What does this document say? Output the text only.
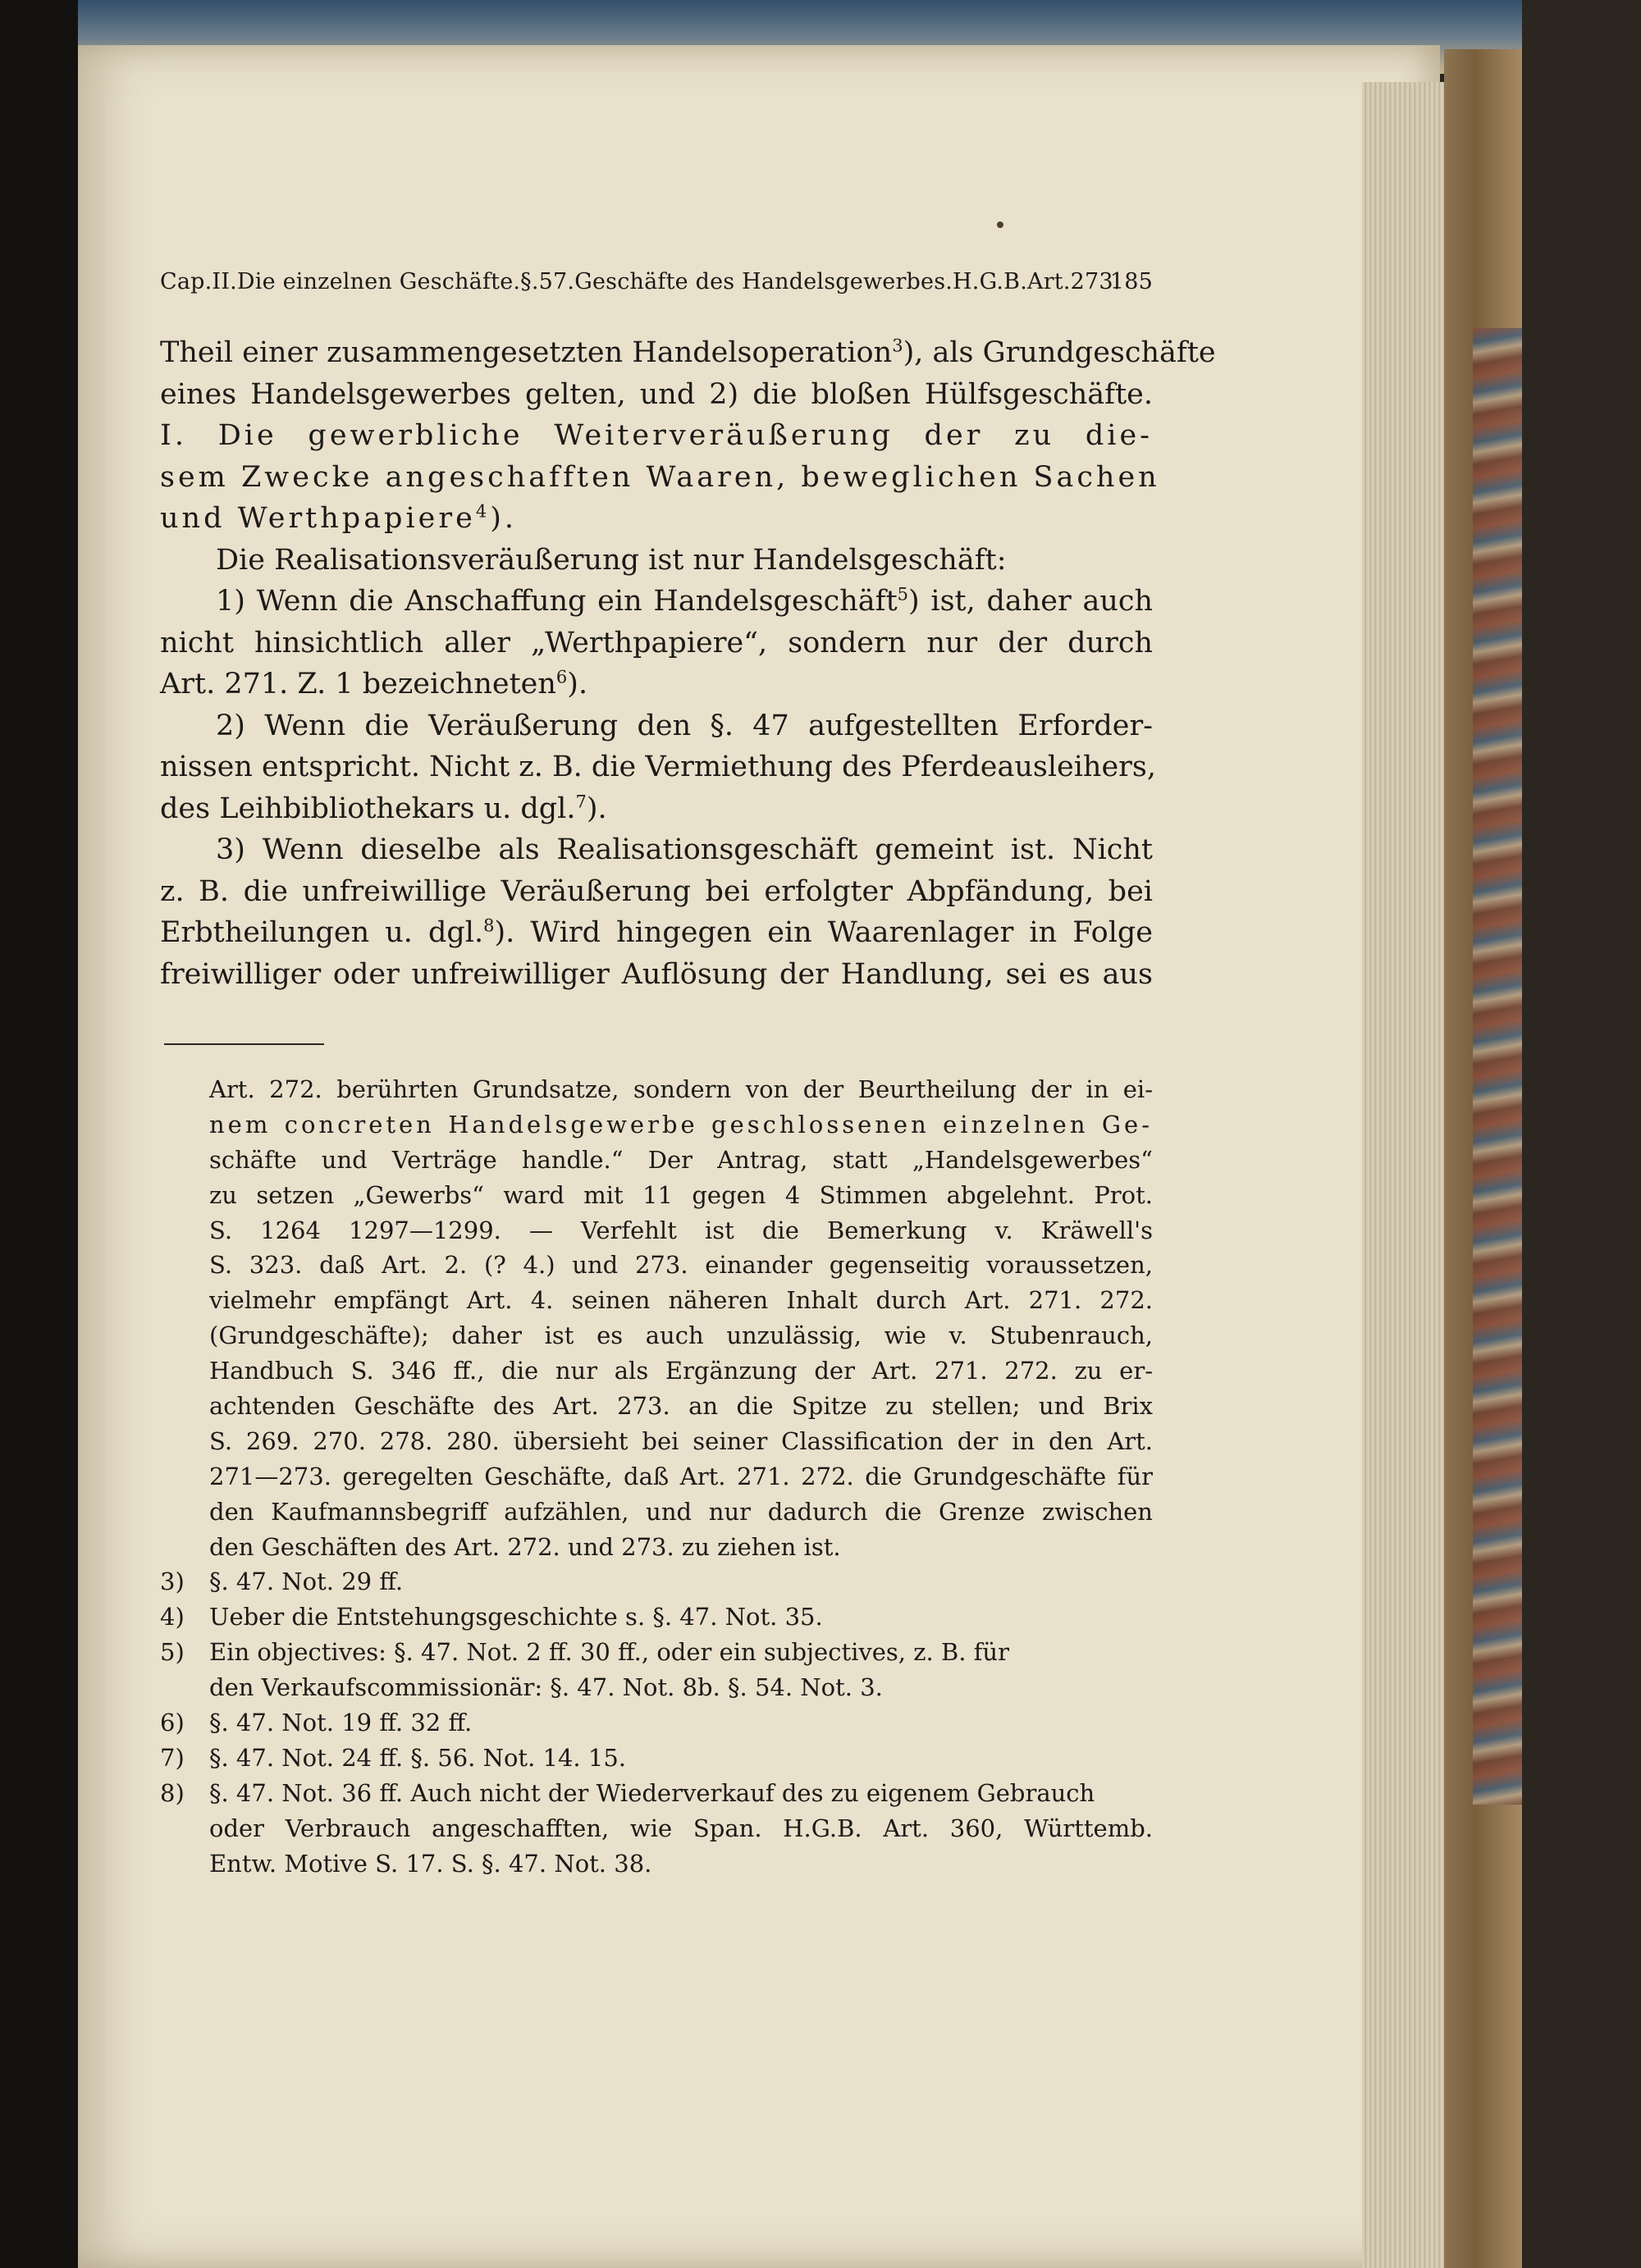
Cap.II.Die einzelnen Geschäfte.§.57.Geschäfte des Handelsgewerbes.H.G.B.Art.273.
185
Theil einer zusammengesetzten Handelsoperation$^3$), als Grundgeschäfte
eines Handelsgewerbes gelten, und 2) die bloßen Hülfsgeschäfte.
I. Die gewerbliche Weiterveräußerung der zu die-
sem Zwecke angeschafften Waaren, beweglichen Sachen
und Werthpapiere$^4$).
Die Realisationsveräußerung ist nur Handelsgeschäft:
1) Wenn die Anschaffung ein Handelsgeschäft$^5$) ist, daher auch
nicht hinsichtlich aller „Werthpapiere“, sondern nur der durch
Art. 271. Z. 1 bezeichneten$^6$).
2) Wenn die Veräußerung den §. 47 aufgestellten Erforder-
nissen entspricht. Nicht z. B. die Vermiethung des Pferdeausleihers,
des Leihbibliothekars u. dgl.$^7$).
3) Wenn dieselbe als Realisationsgeschäft gemeint ist. Nicht
z. B. die unfreiwillige Veräußerung bei erfolgter Abpfändung, bei
Erbtheilungen u. dgl.$^8$). Wird hingegen ein Waarenlager in Folge
freiwilliger oder unfreiwilliger Auflösung der Handlung, sei es aus
Art. 272. berührten Grundsatze, sondern von der Beurtheilung der in ei-
nem concreten Handelsgewerbe geschlossenen einzelnen Ge-
schäfte und Verträge handle.“ Der Antrag, statt „Handelsgewerbes“
zu setzen „Gewerbs“ ward mit 11 gegen 4 Stimmen abgelehnt. Prot.
S. 1264 1297—1299. — Verfehlt ist die Bemerkung v. Kräwell's
S. 323. daß Art. 2. (? 4.) und 273. einander gegenseitig voraussetzen,
vielmehr empfängt Art. 4. seinen näheren Inhalt durch Art. 271. 272.
(Grundgeschäfte); daher ist es auch unzulässig, wie v. Stubenrauch,
Handbuch S. 346 ff., die nur als Ergänzung der Art. 271. 272. zu er-
achtenden Geschäfte des Art. 273. an die Spitze zu stellen; und Brix
S. 269. 270. 278. 280. übersieht bei seiner Classification der in den Art.
271—273. geregelten Geschäfte, daß Art. 271. 272. die Grundgeschäfte für
den Kaufmannsbegriff aufzählen, und nur dadurch die Grenze zwischen
den Geschäften des Art. 272. und 273. zu ziehen ist.
3) §. 47. Not. 29 ff.
4) Ueber die Entstehungsgeschichte s. §. 47. Not. 35.
5) Ein objectives: §. 47. Not. 2 ff. 30 ff., oder ein subjectives, z. B. für
den Verkaufscommissionär: §. 47. Not. 8b. §. 54. Not. 3.
6) §. 47. Not. 19 ff. 32 ff.
7) §. 47. Not. 24 ff. §. 56. Not. 14. 15.
8) §. 47. Not. 36 ff. Auch nicht der Wiederverkauf des zu eigenem Gebrauch
oder Verbrauch angeschafften, wie Span. H.G.B. Art. 360, Württemb.
Entw. Motive S. 17. S. §. 47. Not. 38.
